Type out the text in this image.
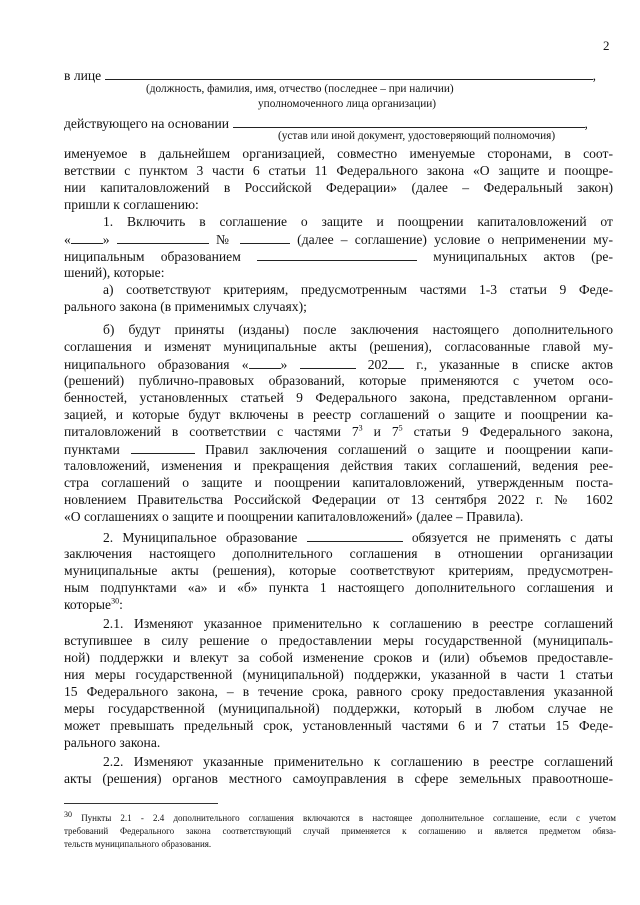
2
в лице	,
(должность, фамилия, имя, отчество (последнее – при наличии)
уполномоченного лица организации)
действующего на основании	,
(устав или иной документ, удостоверяющий полномочия)
именуемое в дальнейшем организацией, совместно именуемые сторонами, в соот-
ветствии с пунктом 3 части 6 статьи 11 Федерального закона «О защите и поощре-
нии капиталовложений в Российской Федерации» (далее – Федеральный закон)
пришли к соглашению:
1. Включить в соглашение о защите и поощрении капиталовложений от
« »	№	(далее – соглашение) условие о неприменении му-
ниципальным образованием	муниципальных актов (ре-
шений), которые:
а) соответствуют критериям, предусмотренным частями 1-3 статьи 9 Феде-
рального закона (в применимых случаях);
б) будут приняты (изданы) после заключения настоящего дополнительного
соглашения и изменят муниципальные акты (решения), согласованные главой му-
ниципального образования « »	202 г., указанные в списке актов
(решений) публично-правовых образований, которые применяются с учетом осо-
бенностей, установленных статьей 9 Федерального закона, представленном органи-
зацией, и которые будут включены в реестр соглашений о защите и поощрении ка-
питаловложений в соответствии с частями $7^3$ и $7^5$ статьи 9 Федерального закона,
пунктами	Правил заключения соглашений о защите и поощрении капи-
таловложений, изменения и прекращения действия таких соглашений, ведения рее-
стра соглашений о защите и поощрении капиталовложений, утвержденным поста-
новлением Правительства Российской Федерации от 13 сентября 2022 г. № 1602
«О соглашениях о защите и поощрении капиталовложений» (далее – Правила).
2. Муниципальное образование	обязуется не применять с даты
заключения настоящего дополнительного соглашения в отношении организации
муниципальные акты (решения), которые соответствуют критериям, предусмотрен-
ным подпунктами «а» и «б» пункта 1 настоящего дополнительного соглашения и
которые$^{30}$:
2.1. Изменяют указанное применительно к соглашению в реестре соглашений
вступившее в силу решение о предоставлении меры государственной (муниципаль-
ной) поддержки и влекут за собой изменение сроков и (или) объемов предоставле-
ния меры государственной (муниципальной) поддержки, указанной в части 1 статьи
15 Федерального закона, – в течение срока, равного сроку предоставления указанной
меры государственной (муниципальной) поддержки, который в любом случае не
может превышать предельный срок, установленный частями 6 и 7 статьи 15 Феде-
рального закона.
2.2. Изменяют указанные применительно к соглашению в реестре соглашений
акты (решения) органов местного самоуправления в сфере земельных правоотноше-
$^{30}$ Пункты 2.1 - 2.4 дополнительного соглашения включаются в настоящее дополнительное соглашение, если с учетом
требований Федерального закона соответствующий случай применяется к соглашению и является предметом обяза-
тельств муниципального образования.
